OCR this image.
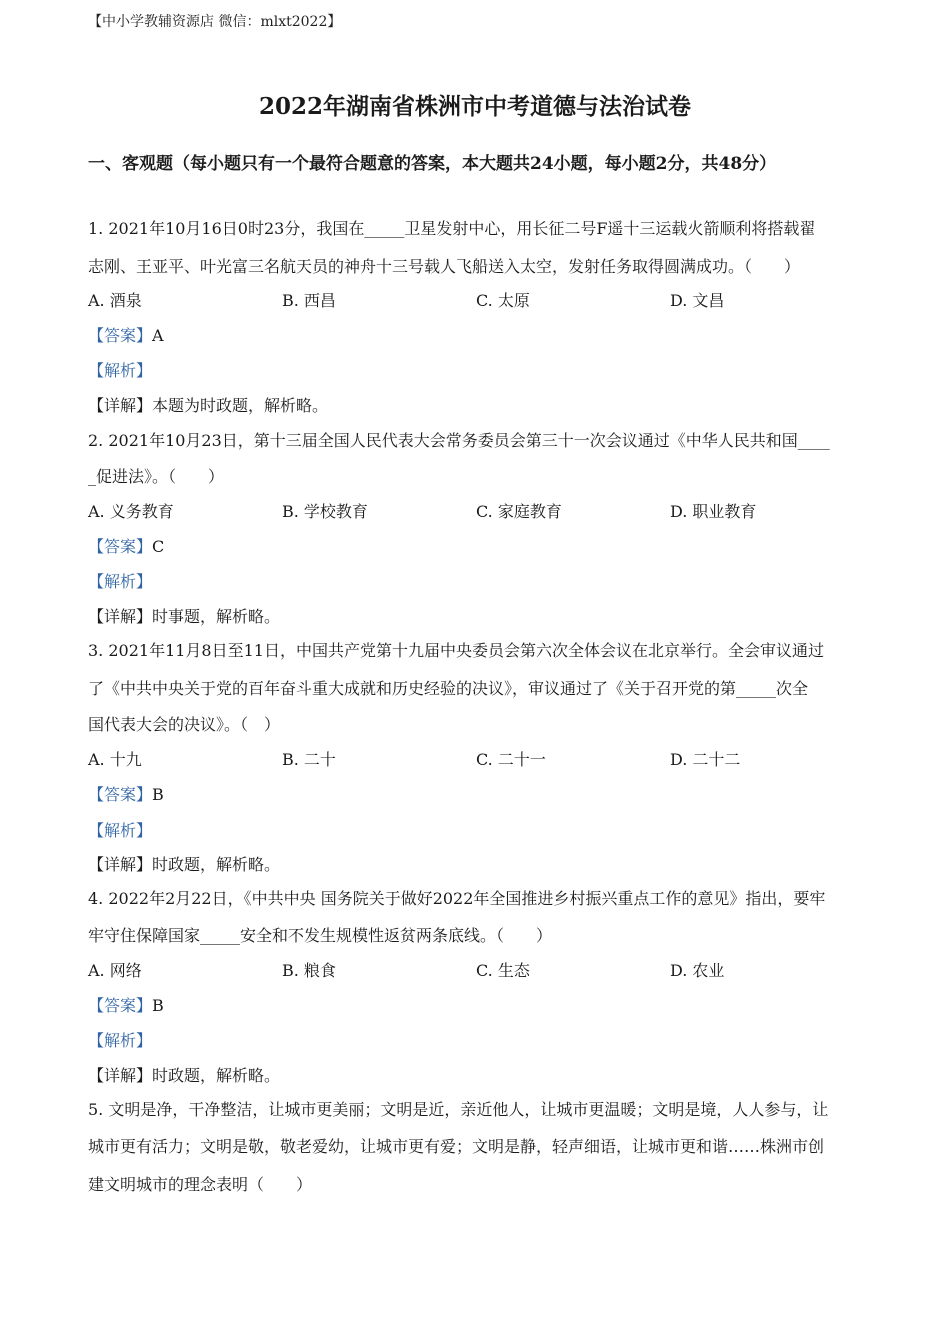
【中小学教辅资源店 微信：mlxt2022】
2022年湖南省株洲市中考道德与法治试卷
一、客观题（每小题只有一个最符合题意的答案，本大题共24小题，每小题2分，共48分）
1. 2021年10月16日0时23分，我国在_____卫星发射中心，用长征二号F遥十三运载火箭顺利将搭载翟
志刚、王亚平、叶光富三名航天员的神舟十三号载人飞船送入太空，发射任务取得圆满成功。（　　）
A. 酒泉	B. 西昌	C. 太原	D. 文昌
【答案】A
【解析】
【详解】本题为时政题，解析略。
2. 2021年10月23日，第十三届全国人民代表大会常务委员会第三十一次会议通过《中华人民共和国____
_促进法》。（　　）
A. 义务教育	B. 学校教育	C. 家庭教育	D. 职业教育
【答案】C
【解析】
【详解】时事题，解析略。
3. 2021年11月8日至11日，中国共产党第十九届中央委员会第六次全体会议在北京举行。全会审议通过
了《中共中央关于党的百年奋斗重大成就和历史经验的决议》，审议通过了《关于召开党的第_____次全
国代表大会的决议》。（　）
A. 十九	B. 二十	C. 二十一	D. 二十二
【答案】B
【解析】
【详解】时政题，解析略。
4. 2022年2月22日，《中共中央 国务院关于做好2022年全国推进乡村振兴重点工作的意见》指出，要牢
牢守住保障国家_____安全和不发生规模性返贫两条底线。（　　）
A. 网络	B. 粮食	C. 生态	D. 农业
【答案】B
【解析】
【详解】时政题，解析略。
5. 文明是净，干净整洁，让城市更美丽；文明是近，亲近他人，让城市更温暖；文明是境，人人参与，让
城市更有活力；文明是敬，敬老爱幼，让城市更有爱；文明是静，轻声细语，让城市更和谐……株洲市创
建文明城市的理念表明（　　）
